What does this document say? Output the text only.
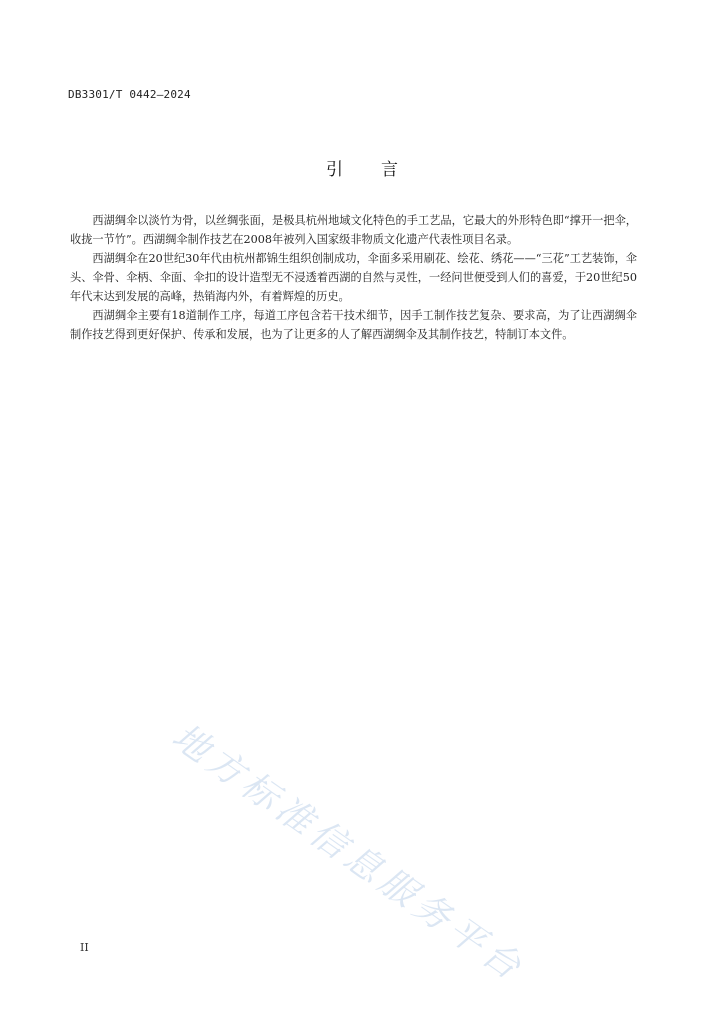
DB3301/T 0442—2024
引 言

西湖绸伞以淡竹为骨，以丝绸张面，是极具杭州地域文化特色的手工艺品，它最大的外形特色即“撑开一把伞，收拢一节竹”。西湖绸伞制作技艺在2008年被列入国家级非物质文化遗产代表性项目名录。

西湖绸伞在20世纪30年代由杭州都锦生组织创制成功，伞面多采用刷花、绘花、绣花——“三花”工艺装饰，伞头、伞骨、伞柄、伞面、伞扣的设计造型无不浸透着西湖的自然与灵性，一经问世便受到人们的喜爱，于20世纪50年代末达到发展的高峰，热销海内外，有着辉煌的历史。

西湖绸伞主要有18道制作工序，每道工序包含若干技术细节，因手工制作技艺复杂、要求高，为了让西湖绸伞制作技艺得到更好保护、传承和发展，也为了让更多的人了解西湖绸伞及其制作技艺，特制订本文件。

地方标准信息服务平台
II
